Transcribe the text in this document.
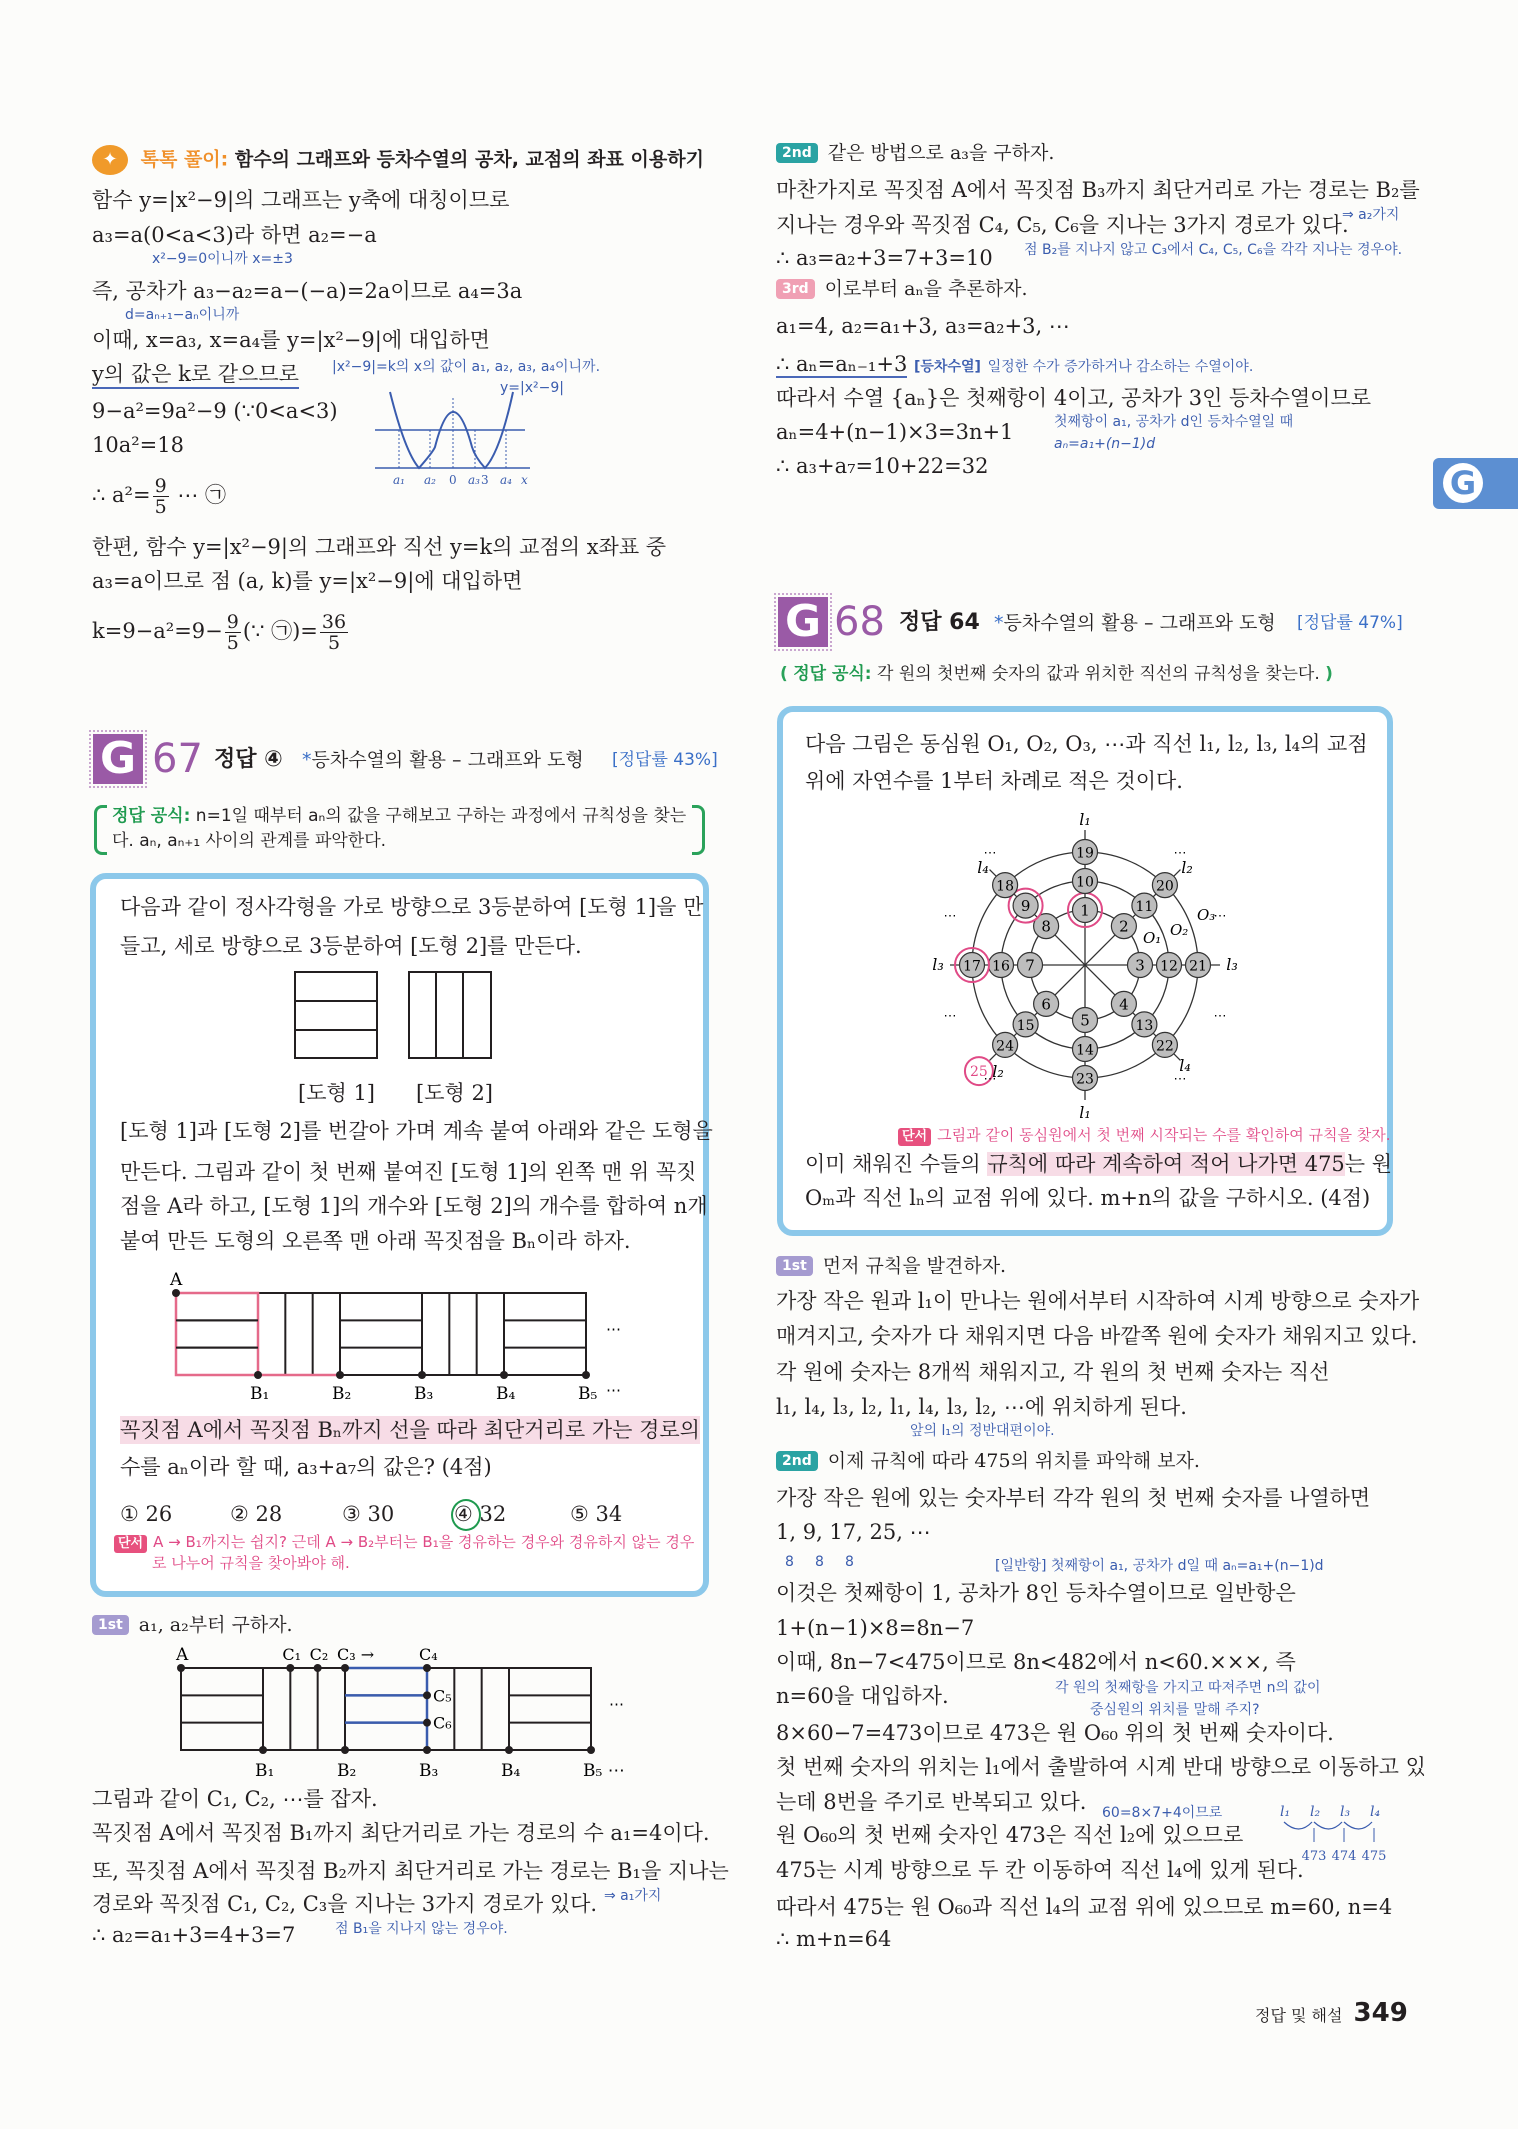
✦ 톡톡 풀이: 함수의 그래프와 등차수열의 공차, 교점의 좌표 이용하기
함수 y=|x²−9|의 그래프는 y축에 대칭이므로
a₃=a(0<a<3)라 하면 a₂=−a
x²−9=0이니까 x=±3
즉, 공차가 a₃−a₂=a−(−a)=2a이므로 a₄=3a
d=aₙ₊₁−aₙ이니까
이때, x=a₃, x=a₄를 y=|x²−9|에 대입하면
y의 값은 k로 같으므로 |x²−9|=k의 x의 값이 a₁, a₂, a₃, a₄이니까.
y=|x²−9|
9−a²=9a²−9 (∵0<a<3)
10a²=18
a₁ a₂ 0 a₃ 3 a₄ x
∴ $a^2= \frac{9}{5}$ ⋯ ㉠
한편, 함수 y=|x²−9|의 그래프와 직선 y=k의 교점의 x좌표 중
a₃=a이므로 점 (a, k)를 y=|x²−9|에 대입하면
$k=9-a^2=9- \frac{9}{5}$ (∵ ㉠)= $\frac{36}{5}$
G 67 정답 ④ *등차수열의 활용 – 그래프와 도형 [정답률 43%]
정답 공식: n=1일 때부터 aₙ의 값을 구해보고 구하는 과정에서 규칙성을 찾는
다. aₙ, aₙ₊₁ 사이의 관계를 파악한다.
다음과 같이 정사각형을 가로 방향으로 3등분하여 [도형 1]을 만
들고, 세로 방향으로 3등분하여 [도형 2]를 만든다.
[도형 1] [도형 2]
[도형 1]과 [도형 2]를 번갈아 가며 계속 붙여 아래와 같은 도형을
만든다. 그림과 같이 첫 번째 붙여진 [도형 1]의 왼쪽 맨 위 꼭짓
점을 A라 하고, [도형 1]의 개수와 [도형 2]의 개수를 합하여 n개
붙여 만든 도형의 오른쪽 맨 아래 꼭짓점을 Bₙ이라 하자.
A
B₁	B₂	B₃	B₄	B₅
⋯
⋯
꼭짓점 A에서 꼭짓점 Bₙ까지 선을 따라 최단거리로 가는 경로의
수를 aₙ이라 할 때, a₃+a₇의 값은? (4점)
① 26	② 28	③ 30	④ 32	⑤ 34
단서 A → B₁까지는 쉽지? 근데 A → B₂부터는 B₁을 경유하는 경우와 경유하지 않는 경우
로 나누어 규칙을 찾아봐야 해.
1st a₁, a₂부터 구하자.
A	C₁ C₂ C₃ →	C₄
C₅
C₆
B₁	B₂	B₃	B₄	B₅ ⋯
⋯
그림과 같이 C₁, C₂, ⋯를 잡자.
꼭짓점 A에서 꼭짓점 B₁까지 최단거리로 가는 경로의 수 a₁=4이다.
또, 꼭짓점 A에서 꼭짓점 B₂까지 최단거리로 가는 경로는 B₁을 지나는
⇒ a₁가지
경로와 꼭짓점 C₁, C₂, C₃을 지나는 3가지 경로가 있다.
∴ a₂=a₁+3=4+3=7	점 B₁을 지나지 않는 경우야.
2nd 같은 방법으로 a₃을 구하자.
마찬가지로 꼭짓점 A에서 꼭짓점 B₃까지 최단거리로 가는 경로는 B₂를
지나는 경우와 꼭짓점 C₄, C₅, C₆을 지나는 3가지 경로가 있다.
⇒ a₂가지
∴ a₃=a₂+3=7+3=10 점 B₂를 지나지 않고 C₃에서 C₄, C₅, C₆을 각각 지나는 경우야.
3rd 이로부터 aₙ을 추론하자.
a₁=4, a₂=a₁+3, a₃=a₂+3, ⋯
∴ aₙ=aₙ₋₁+3 [등차수열] 일정한 수가 증가하거나 감소하는 수열이야.
따라서 수열 {aₙ}은 첫째항이 4이고, 공차가 3인 등차수열이므로
aₙ=4+(n−1)×3=3n+1	첫째항이 a₁, 공차가 d인 등차수열일 때
aₙ=a₁+(n−1)d
∴ a₃+a₇=10+22=32
G 68 정답 64 *등차수열의 활용 – 그래프와 도형 [정답률 47%]
( 정답 공식: 각 원의 첫번째 숫자의 값과 위치한 직선의 규칙성을 찾는다. )
다음 그림은 동심원 O₁, O₂, O₃, ⋯과 직선 l₁, l₂, l₃, l₄의 교점
위에 자연수를 1부터 차례로 적은 것이다.
1
2
3
4
5
6
7
8
9
10
11
12
13
14
15
16
17
18
19
20
21
22
23
24
25
l₁
l₁
l₃	l₃
l₂
l₂
l₄
l₄
O₁ O₂
O₃
⋯	⋯
⋯	⋯
⋯	⋯
⋯	⋯
단서 그림과 같이 동심원에서 첫 번째 시작되는 수를 확인하여 규칙을 찾자.
이미 채워진 수들의 규칙에 따라 계속하여 적어 나가면 475는 원
Oₘ과 직선 lₙ의 교점 위에 있다. m+n의 값을 구하시오. (4점)
1st 먼저 규칙을 발견하자.
가장 작은 원과 l₁이 만나는 원에서부터 시작하여 시계 방향으로 숫자가
매겨지고, 숫자가 다 채워지면 다음 바깥쪽 원에 숫자가 채워지고 있다.
각 원에 숫자는 8개씩 채워지고, 각 원의 첫 번째 숫자는 직선
l₁, l₄, l₃, l₂, l₁, l₄, l₃, l₂, ⋯에 위치하게 된다.
앞의 l₁의 정반대편이야.
2nd 이제 규칙에 따라 475의 위치를 파악해 보자.
가장 작은 원에 있는 숫자부터 각각 원의 첫 번째 숫자를 나열하면
1, 9, 17, 25, ⋯
8 8 8	[일반항] 첫째항이 a₁, 공차가 d일 때 aₙ=a₁+(n−1)d
이것은 첫째항이 1, 공차가 8인 등차수열이므로 일반항은
1+(n−1)×8=8n−7
이때, 8n−7<475이므로 8n<482에서 n<60.×××, 즉
n=60을 대입하자.	각 원의 첫째항을 가지고 따져주면 n의 값이
중심원의 위치를 말해 주지?
8×60−7=473이므로 473은 원 O₆₀ 위의 첫 번째 숫자이다.
첫 번째 숫자의 위치는 l₁에서 출발하여 시계 반대 방향으로 이동하고 있
는데 8번을 주기로 반복되고 있다. 60=8×7+4이므로
원 O₆₀의 첫 번째 숫자인 473은 직선 l₂에 있으므로
l₁ l₂ l₃ l₄
473 474 475
475는 시계 방향으로 두 칸 이동하여 직선 l₄에 있게 된다.
따라서 475는 원 O₆₀과 직선 l₄의 교점 위에 있으므로 m=60, n=4
∴ m+n=64
G
정답 및 해설 349
